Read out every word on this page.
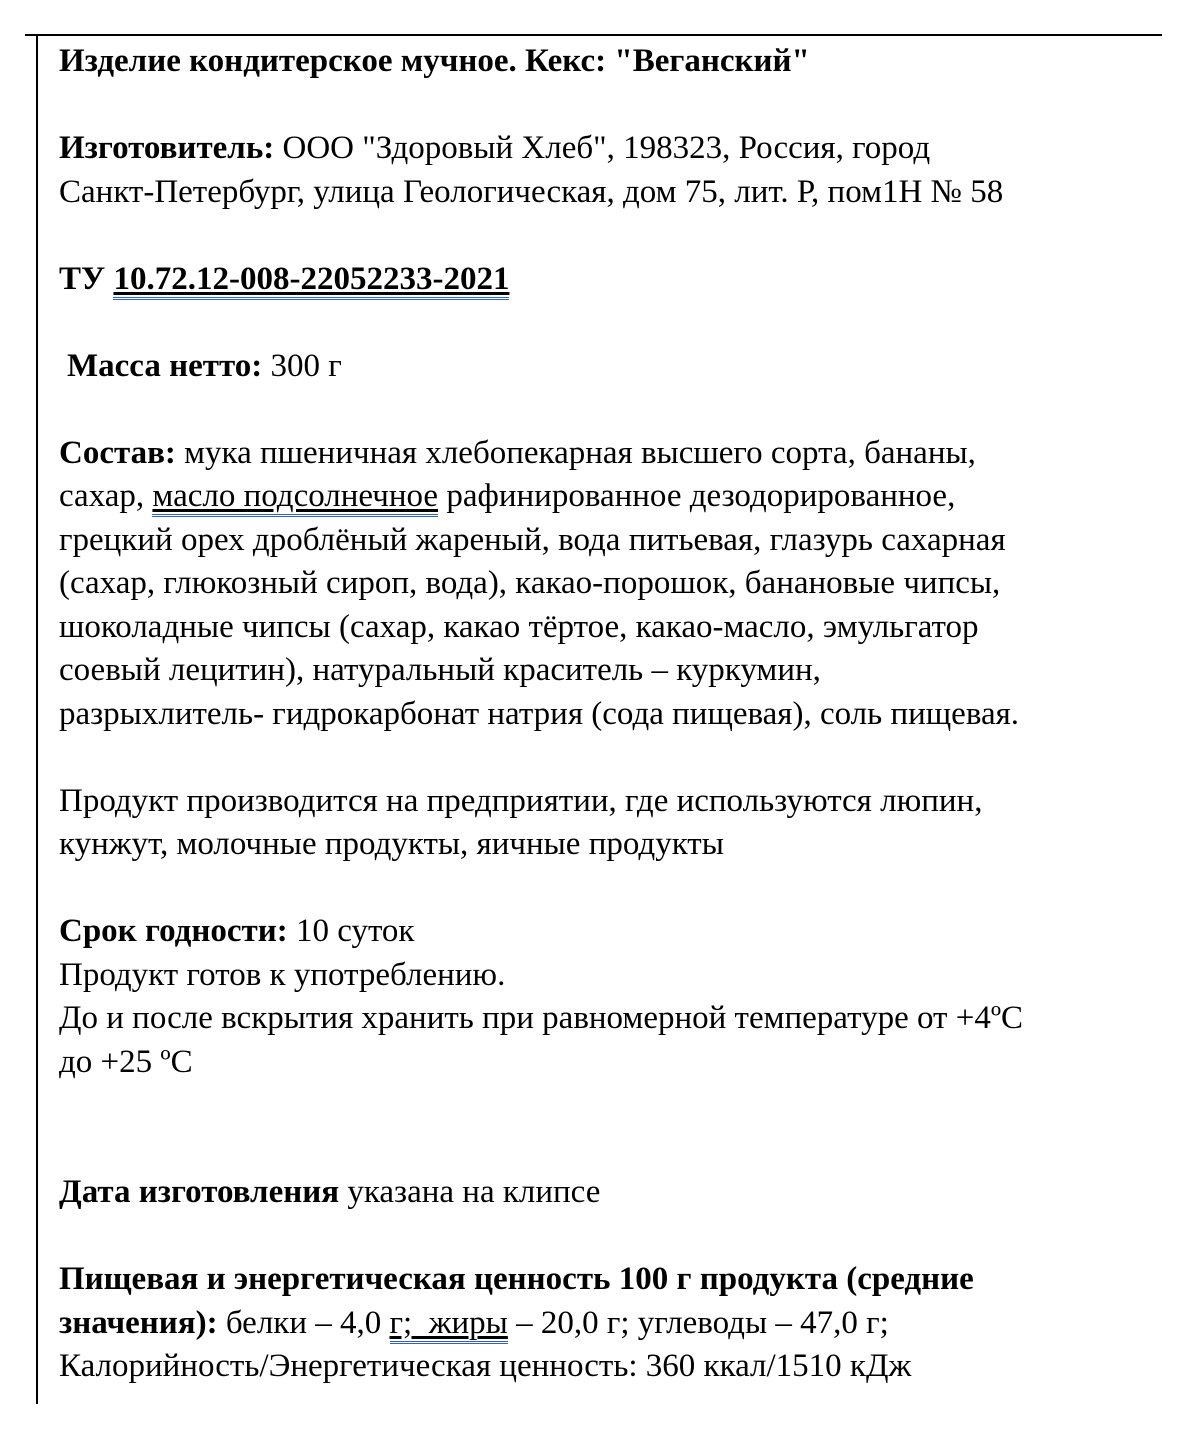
Изделие кондитерское мучное. Кекс: "Веганский"
Изготовитель: ООО "Здоровый Хлеб", 198323, Россия, город
Санкт-Петербург, улица Геологическая, дом 75, лит. Р, пом1Н № 58
ТУ 10.72.12-008-22052233-2021
Масса нетто: 300 г
Состав: мука пшеничная хлебопекарная высшего сорта, бананы,
сахар, масло подсолнечное рафинированное дезодорированное,
грецкий орех дроблёный жареный, вода питьевая, глазурь сахарная
(сахар, глюкозный сироп, вода), какао-порошок, банановые чипсы,
шоколадные чипсы (сахар, какао тёртое, какао-масло, эмульгатор
соевый лецитин), натуральный краситель – куркумин,
разрыхлитель- гидрокарбонат натрия (сода пищевая), соль пищевая.
Продукт производится на предприятии, где используются люпин,
кунжут, молочные продукты, яичные продукты
Срок годности: 10 суток
Продукт готов к употреблению.
До и после вскрытия хранить при равномерной температуре от +4ºС
до +25 ºС
Дата изготовления указана на клипсе
Пищевая и энергетическая ценность 100 г продукта (средние
значения): белки – 4,0 г;  жиры – 20,0 г; углеводы – 47,0 г;
Калорийность/Энергетическая ценность: 360 ккал/1510 кДж
